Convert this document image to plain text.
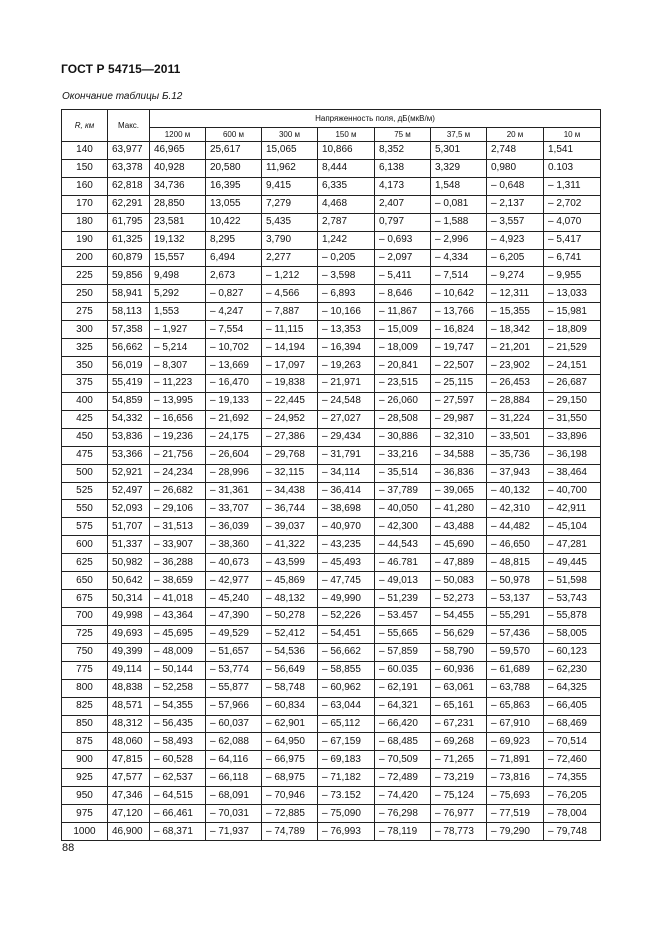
ГОСТ Р 54715—2011
Окончание таблицы Б.12
R, км	Макс.	Напряженность поля, дБ(мкВ/м)							
		1200 м	600 м	300 м	150 м	75 м	37,5 м	20 м	10 м
140	63,977	46,965	25,617	15,065	10,866	8,352	5,301	2,748	1,541
150	63,378	40,928	20,580	11,962	8,444	6,138	3,329	0,980	0.103
160	62,818	34,736	16,395	9,415	6,335	4,173	1,548	– 0,648	– 1,311
170	62,291	28,850	13,055	7,279	4,468	2,407	– 0,081	– 2,137	– 2,702
180	61,795	23,581	10,422	5,435	2,787	0,797	– 1,588	– 3,557	– 4,070
190	61,325	19,132	8,295	3,790	1,242	– 0,693	– 2,996	– 4,923	– 5,417
200	60,879	15,557	6,494	2,277	– 0,205	– 2,097	– 4,334	– 6,205	– 6,741
225	59,856	9,498	2,673	– 1,212	– 3,598	– 5,411	– 7,514	– 9,274	– 9,955
250	58,941	5,292	– 0,827	– 4,566	– 6,893	– 8,646	– 10,642	– 12,311	– 13,033
275	58,113	1,553	– 4,247	– 7,887	– 10,166	– 11,867	– 13,766	– 15,355	– 15,981
300	57,358	– 1,927	– 7,554	– 11,115	– 13,353	– 15,009	– 16,824	– 18,342	– 18,809
325	56,662	– 5,214	– 10,702	– 14,194	– 16,394	– 18,009	– 19,747	– 21,201	– 21,529
350	56,019	– 8,307	– 13,669	– 17,097	– 19,263	– 20,841	– 22,507	– 23,902	– 24,151
375	55,419	– 11,223	– 16,470	– 19,838	– 21,971	– 23,515	– 25,115	– 26,453	– 26,687
400	54,859	– 13,995	– 19,133	– 22,445	– 24,548	– 26,060	– 27,597	– 28,884	– 29,150
425	54,332	– 16,656	– 21,692	– 24,952	– 27,027	– 28,508	– 29,987	– 31,224	– 31,550
450	53,836	– 19,236	– 24,175	– 27,386	– 29,434	– 30,886	– 32,310	– 33,501	– 33,896
475	53,366	– 21,756	– 26,604	– 29,768	– 31,791	– 33,216	– 34,588	– 35,736	– 36,198
500	52,921	– 24,234	– 28,996	– 32,115	– 34,114	– 35,514	– 36,836	– 37,943	– 38,464
525	52,497	– 26,682	– 31,361	– 34,438	– 36,414	– 37,789	– 39,065	– 40,132	– 40,700
550	52,093	– 29,106	– 33,707	– 36,744	– 38,698	– 40,050	– 41,280	– 42,310	– 42,911
575	51,707	– 31,513	– 36,039	– 39,037	– 40,970	– 42,300	– 43,488	– 44,482	– 45,104
600	51,337	– 33,907	– 38,360	– 41,322	– 43,235	– 44,543	– 45,690	– 46,650	– 47,281
625	50,982	– 36,288	– 40,673	– 43,599	– 45,493	– 46.781	– 47,889	– 48,815	– 49,445
650	50,642	– 38,659	– 42,977	– 45,869	– 47,745	– 49,013	– 50,083	– 50,978	– 51,598
675	50,314	– 41,018	– 45,240	– 48,132	– 49,990	– 51,239	– 52,273	– 53,137	– 53,743
700	49,998	– 43,364	– 47,390	– 50,278	– 52,226	– 53.457	– 54,455	– 55,291	– 55,878
725	49,693	– 45,695	– 49,529	– 52,412	– 54,451	– 55,665	– 56,629	– 57,436	– 58,005
750	49,399	– 48,009	– 51,657	– 54,536	– 56,662	– 57,859	– 58,790	– 59,570	– 60,123
775	49,114	– 50,144	– 53,774	– 56,649	– 58,855	– 60.035	– 60,936	– 61,689	– 62,230
800	48,838	– 52,258	– 55,877	– 58,748	– 60,962	– 62,191	– 63,061	– 63,788	– 64,325
825	48,571	– 54,355	– 57,966	– 60,834	– 63,044	– 64,321	– 65,161	– 65,863	– 66,405
850	48,312	– 56,435	– 60,037	– 62,901	– 65,112	– 66,420	– 67,231	– 67,910	– 68,469
875	48,060	– 58,493	– 62,088	– 64,950	– 67,159	– 68,485	– 69,268	– 69,923	– 70,514
900	47,815	– 60,528	– 64,116	– 66,975	– 69,183	– 70,509	– 71,265	– 71,891	– 72,460
925	47,577	– 62,537	– 66,118	– 68,975	– 71,182	– 72,489	– 73,219	– 73,816	– 74,355
950	47,346	– 64,515	– 68,091	– 70,946	– 73.152	– 74,420	– 75,124	– 75,693	– 76,205
975	47,120	– 66,461	– 70,031	– 72,885	– 75,090	– 76,298	– 76,977	– 77,519	– 78,004
1000	46,900	– 68,371	– 71,937	– 74,789	– 76,993	– 78,119	– 78,773	– 79,290	– 79,748
88
